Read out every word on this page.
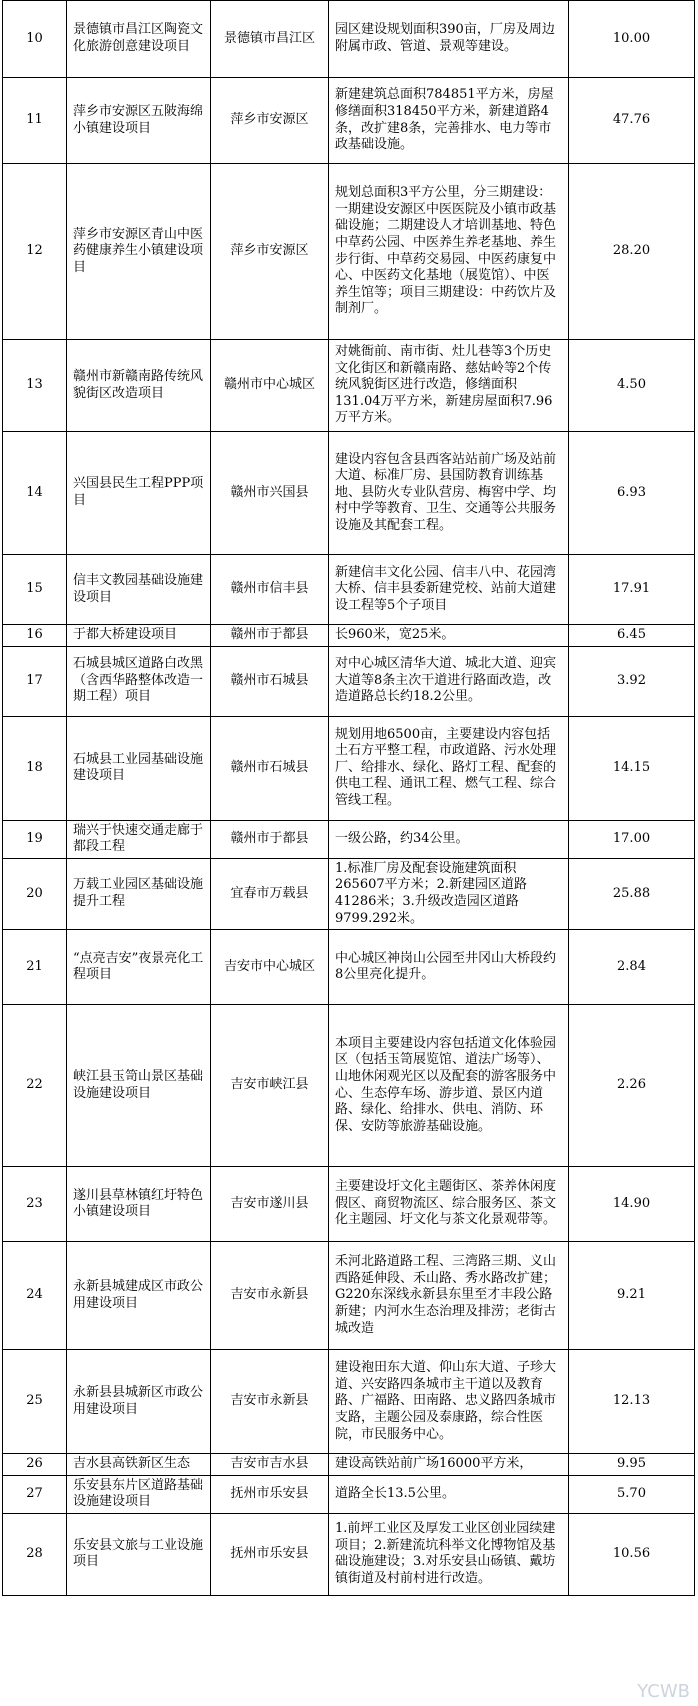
10	景德镇市昌江区陶瓷文化旅游创意建设项目	景德镇市昌江区	园区建设规划面积390亩，厂房及周边附属市政、管道、景观等建设。	10.00
11	萍乡市安源区五陂海绵小镇建设项目	萍乡市安源区	新建建筑总面积784851平方米，房屋修缮面积318450平方米，新建道路4条，改扩建8条，完善排水、电力等市政基础设施。	47.76
12	萍乡市安源区青山中医药健康养生小镇建设项目	萍乡市安源区	规划总面积3平方公里，分三期建设：一期建设安源区中医医院及小镇市政基础设施；二期建设人才培训基地、特色中草药公园、中医养生养老基地、养生步行街、中草药交易园、中医药康复中心、中医药文化基地（展览馆）、中医养生馆等；项目三期建设：中药饮片及制剂厂。	28.20
13	赣州市新赣南路传统风貌街区改造项目	赣州市中心城区	对姚衙前、南市街、灶儿巷等3个历史文化街区和新赣南路、慈姑岭等2个传统风貌街区进行改造，修缮面积131.04万平方米，新建房屋面积7.96万平方米。	4.50
14	兴国县民生工程PPP项目	赣州市兴国县	建设内容包含县西客站站前广场及站前大道、标准厂房、县国防教育训练基地、县防火专业队营房、梅窖中学、均村中学等教育、卫生、交通等公共服务设施及其配套工程。	6.93
15	信丰文教园基础设施建设项目	赣州市信丰县	新建信丰文化公园、信丰八中、花园湾大桥、信丰县委新建党校、站前大道建设工程等5个子项目	17.91
16	于都大桥建设项目	赣州市于都县	长960米，宽25米。	6.45
17	石城县城区道路白改黑（含西华路整体改造一期工程）项目	赣州市石城县	对中心城区清华大道、城北大道、迎宾大道等8条主次干道进行路面改造，改造道路总长约18.2公里。	3.92
18	石城县工业园基础设施建设项目	赣州市石城县	规划用地6500亩，主要建设内容包括土石方平整工程，市政道路、污水处理厂、给排水、绿化、路灯工程、配套的供电工程、通讯工程、燃气工程、综合管线工程。	14.15
19	瑞兴于快速交通走廊于都段工程	赣州市于都县	一级公路，约34公里。	17.00
20	万载工业园区基础设施提升工程	宜春市万载县	1.标准厂房及配套设施建筑面积265607平方米；2.新建园区道路41286米；3.升级改造园区道路9799.292米。	25.88
21	“点亮吉安”夜景亮化工程项目	吉安市中心城区	中心城区神岗山公园至井冈山大桥段约8公里亮化提升。	2.84
22	峡江县玉笥山景区基础设施建设项目	吉安市峡江县	本项目主要建设内容包括道文化体验园区（包括玉笥展览馆、道法广场等）、山地休闲观光区以及配套的游客服务中心、生态停车场、游步道、景区内道路、绿化、给排水、供电、消防、环保、安防等旅游基础设施。	2.26
23	遂川县草林镇红圩特色小镇建设项目	吉安市遂川县	主要建设圩文化主题街区、茶养休闲度假区、商贸物流区、综合服务区、茶文化主题园、圩文化与茶文化景观带等。	14.90
24	永新县城建成区市政公用建设项目	吉安市永新县	禾河北路道路工程、三湾路三期、义山西路延伸段、禾山路、秀水路改扩建；G220东深线永新县东里至才丰段公路新建；内河水生态治理及排涝；老街古城改造	9.21
25	永新县县城新区市政公用建设项目	吉安市永新县	建设袍田东大道、仰山东大道、子珍大道、兴安路四条城市主干道以及教育路、广福路、田南路、忠义路四条城市支路，主题公园及泰康路，综合性医院，市民服务中心。	12.13
26	吉水县高铁新区生态	吉安市吉水县	建设高铁站前广场16000平方米，	9.95
27	乐安县东片区道路基础设施建设项目	抚州市乐安县	道路全长13.5公里。	5.70
28	乐安县文旅与工业设施项目	抚州市乐安县	1.前坪工业区及厚发工业区创业园续建项目；2.新建流坑科举文化博物馆及基础设施建设；3.对乐安县山砀镇、戴坊镇街道及村前村进行改造。	10.56
YCWB
